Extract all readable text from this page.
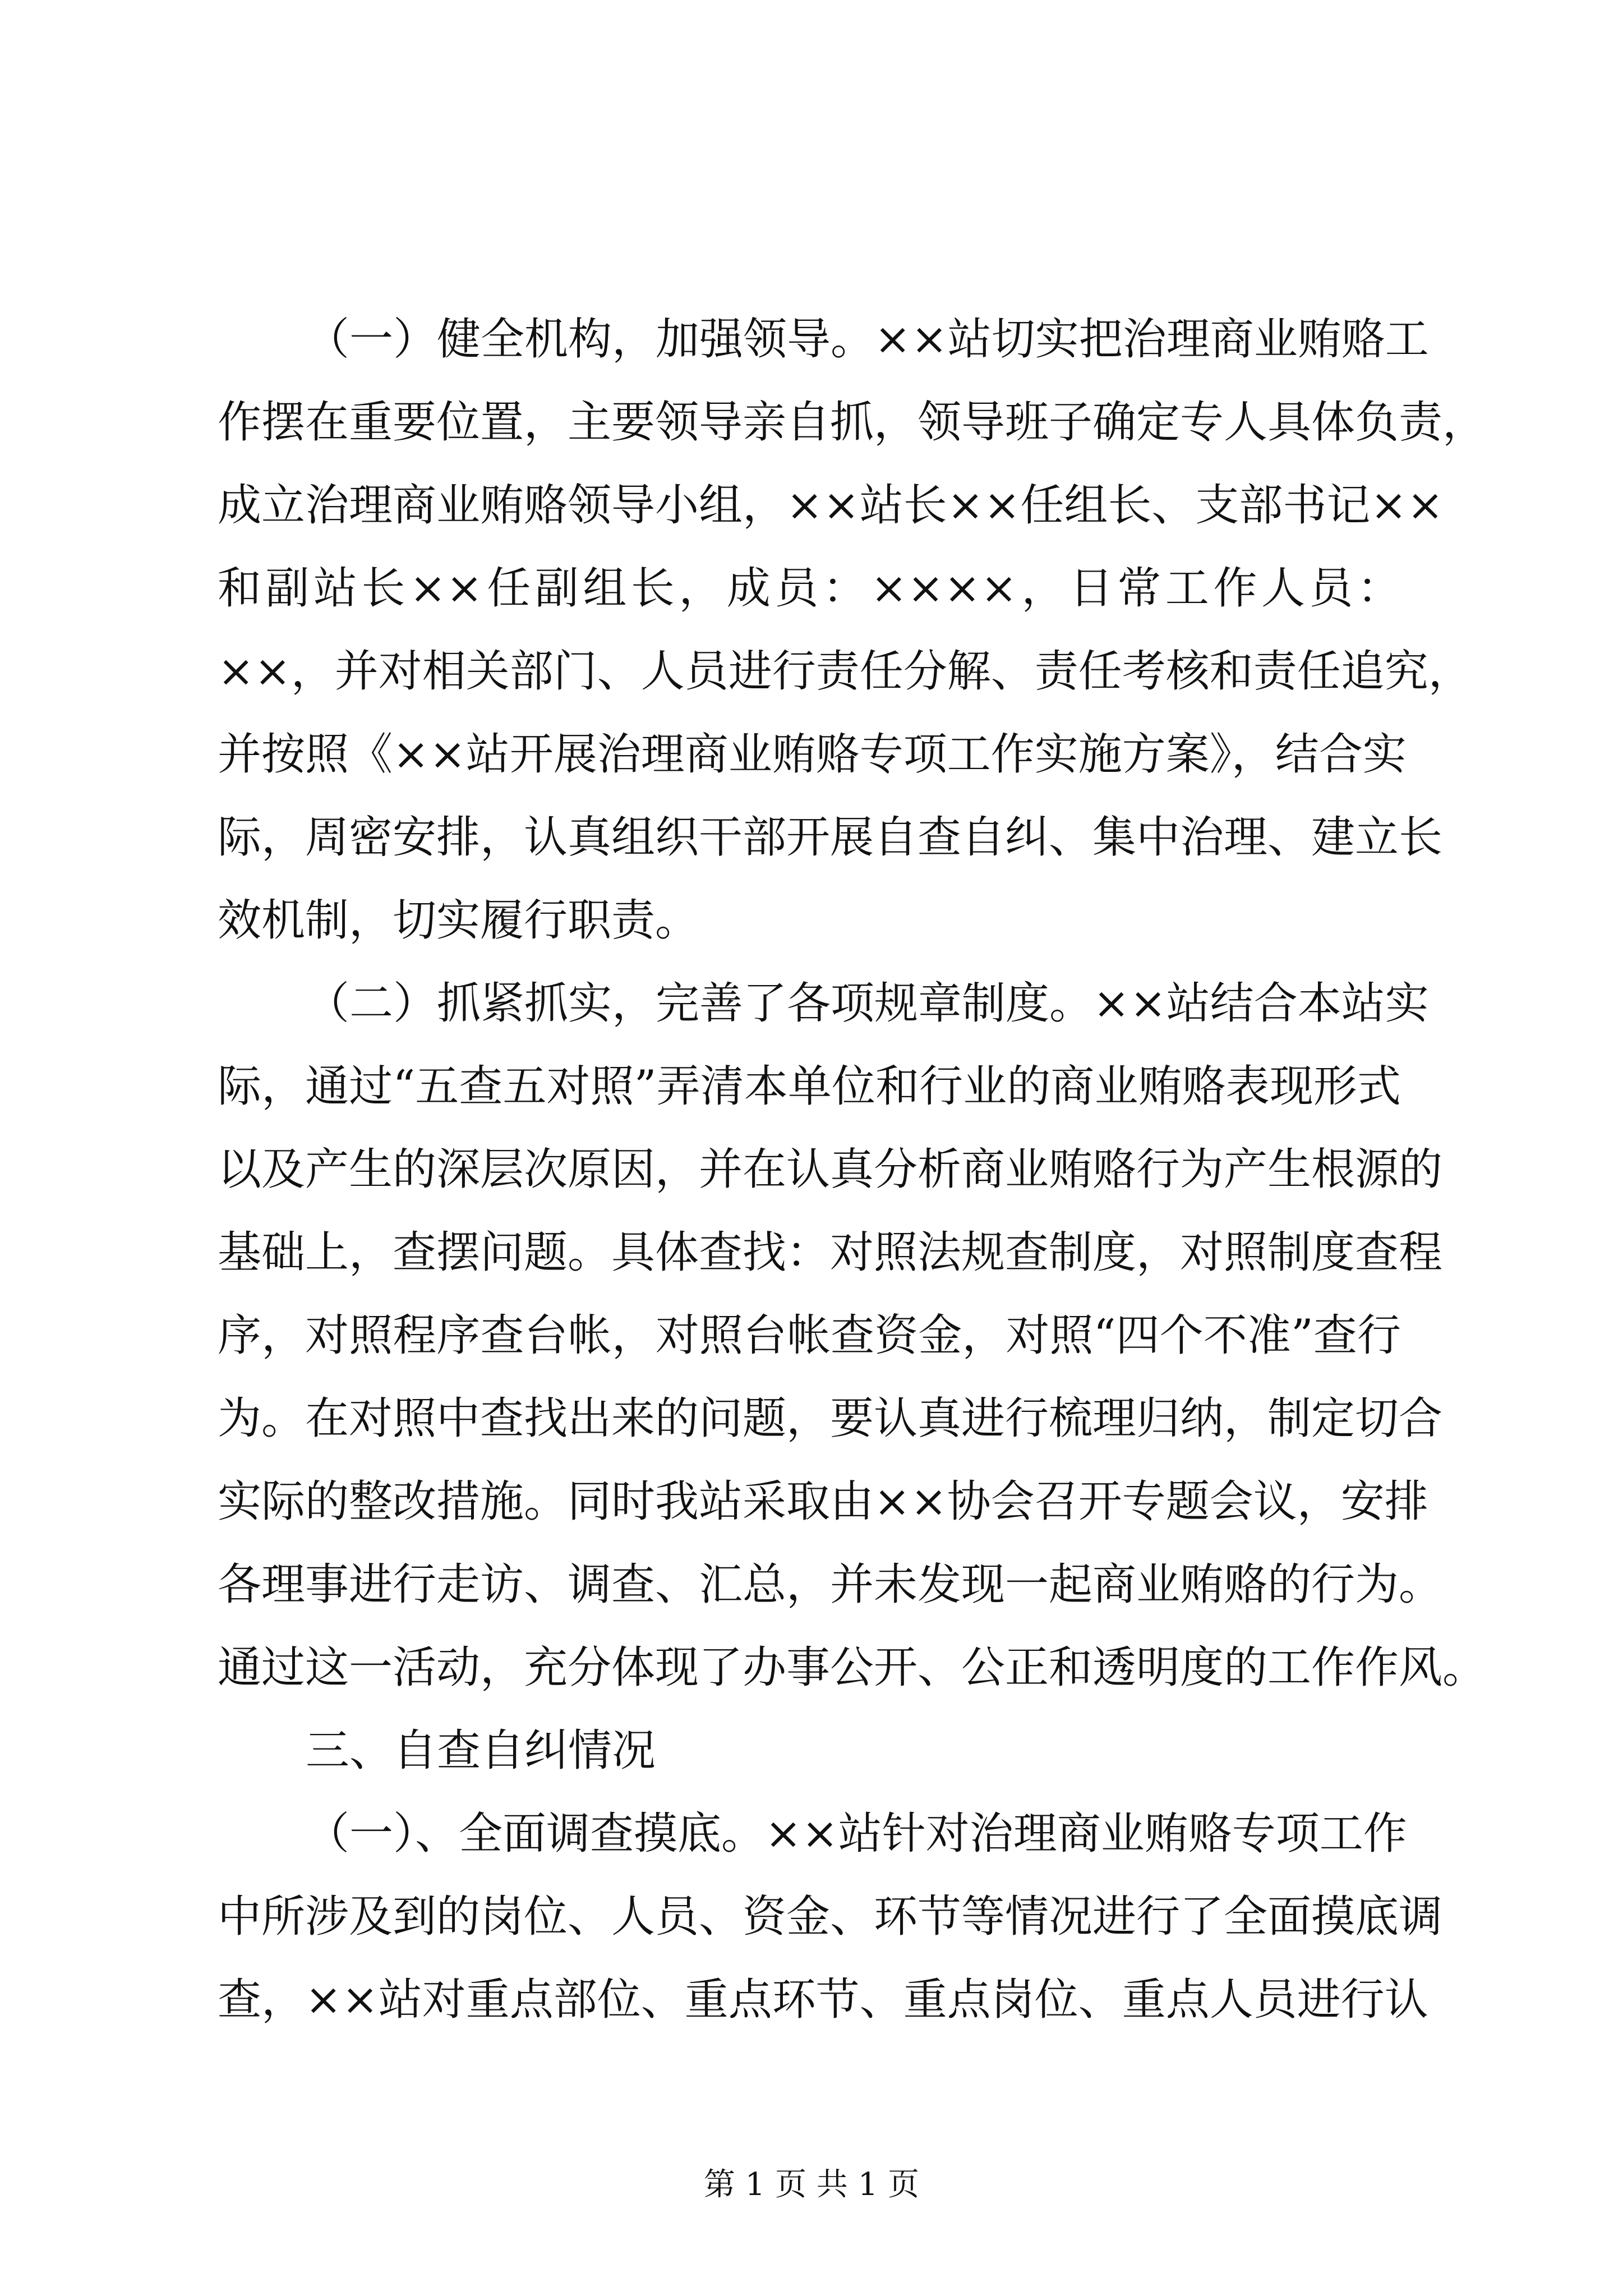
（一）健全机构，加强领导。××站切实把治理商业贿赂工
作摆在重要位置，主要领导亲自抓，领导班子确定专人具体负责，
成立治理商业贿赂领导小组，××站长××任组长、支部书记××
和副站长××任副组长，成员：××××，日常工作人员：
××，并对相关部门、人员进行责任分解、责任考核和责任追究，
并按照《××站开展治理商业贿赂专项工作实施方案》，结合实
际，周密安排，认真组织干部开展自查自纠、集中治理、建立长
效机制，切实履行职责。
（二）抓紧抓实，完善了各项规章制度。××站结合本站实
际，通过“五查五对照”弄清本单位和行业的商业贿赂表现形式
以及产生的深层次原因，并在认真分析商业贿赂行为产生根源的
基础上，查摆问题。具体查找：对照法规查制度，对照制度查程
序，对照程序查台帐，对照台帐查资金，对照“四个不准”查行
为。在对照中查找出来的问题，要认真进行梳理归纳，制定切合
实际的整改措施。同时我站采取由××协会召开专题会议，安排
各理事进行走访、调查、汇总，并未发现一起商业贿赂的行为。
通过这一活动，充分体现了办事公开、公正和透明度的工作作风。
三、自查自纠情况
（一）、全面调查摸底。××站针对治理商业贿赂专项工作
中所涉及到的岗位、人员、资金、环节等情况进行了全面摸底调
查，××站对重点部位、重点环节、重点岗位、重点人员进行认
第 1 页 共 1 页
